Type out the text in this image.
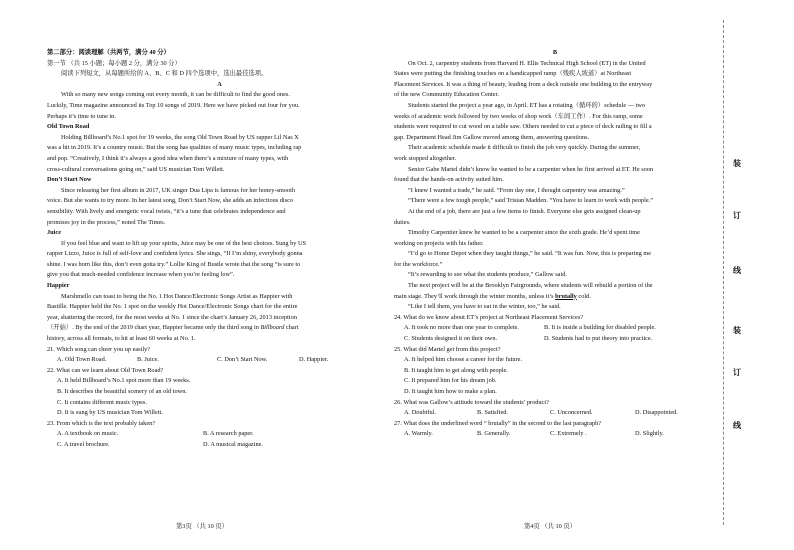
第二部分：阅读理解（共两节，满分 40 分）
第一节 （共 15 小题；每小题 2 分，满分 30 分）
阅读下列短文，从每题所给的 A、B、C 和 D 四个选项中，选出最佳选项。
A
With so many new songs coming out every month, it can be difficult to find the good ones.
Luckily, Time magazine announced its Top 10 songs of 2019. Here we have picked out four for you.
Perhaps it’s time to tune in.
Old Town Road
Holding Billboard’s No.1 spot for 19 weeks, the song Old Town Road by US rapper Lil Nas X
was a hit in 2019. It’s a country music. But the song has qualities of many music types, including rap
and pop. “Creatively, I think it’s always a good idea when there’s a mixture of many types, with
cross-cultural conversations going on,” said US musician Tom Willett.
Don’t Start Now
Since releasing her first album in 2017, UK singer Dua Lipa is famous for her honey-smooth
voice. But she wants to try more. In her latest song, Don’t Start Now, she adds an infectious disco
sensibility. With lively and energetic vocal twists, “it’s a tune that celebrates independence and
promises joy in the process,” noted The Times.
Juice
If you feel blue and want to lift up your spirits, Juice may be one of the best choices. Sung by US
rapper Lizzo, Juice is full of self-love and confident lyrics. She sings, “If I’m shiny, everybody gonna
shine. I was born like this, don’t even gotta try.” Lollie King of Bustle wrote that the song “is sure to
give you that much-needed confidence increase when you’re feeling low”.
Happier
Marshmello can toast to being the No. 1 Hot Dance/Electronic Songs Artist as Happier with
Bastille. Happier held the No. 1 spot on the weekly Hot Dance/Electronic Songs chart for the entire
year, shattering the record, for the most weeks at No. 1 since the chart’s January 26, 2013 inception
（开始）. By the end of the 2019 chart year, Happier became only the third song in Billboard chart
history, across all formats, to hit at least 60 weeks at No. 1.
21. Which song can cheer you up easily?
A. Old Town Road.	B. Juice.	C. Don’t Start Now.	D. Happier.
22. What can we learn about Old Town Road?
A. It held Billboard’s No.1 spot more than 19 weeks.
B. It describes the beautiful scenery of an old town.
C. It contains different music types.
D. It is sung by US musician Tom Willett.
23. From which is the text probably taken?
A. A textbook on music.	B. A research paper.
C. A travel brochure.	D. A musical magazine.
B
On Oct. 2, carpentry students from Harvard H. Ellis Technical High School (ET) in the United
States were putting the finishing touches on a handicapped ramp（残疾人坡道）at Northeast
Placement Services. It was a thing of beauty, leading from a deck outside one building to the entryway
of the new Community Education Center.
Students started the project a year ago, in April. ET has a rotating（循环的）schedule — two
weeks of academic work followed by two weeks of shop work（车间工作）. For this ramp, some
students were required to cut wood on a table saw. Others needed to cut a piece of deck railing to fill a
gap. Department Head Jim Gallow moved among them, answering questions.
Their academic schedule made it difficult to finish the job very quickly. During the summer,
work stopped altogether.
Senior Gabe Martel didn’t know he wanted to be a carpenter when he first arrived at ET. He soon
found that the hands-on activity suited him.
“I knew I wanted a trade,” he said. “From day one, I thought carpentry was amazing.”
“There were a few tough people,” said Tristan Madden. “You have to learn to work with people.”
At the end of a job, there are just a few items to finish. Everyone else gets assigned clean-up
duties.
Timothy Carpentier knew he wanted to be a carpenter since the sixth grade. He’d spent time
working on projects with his father.
“I’d go to Home Depot when they taught things,” he said. “It was fun. Now, this is preparing me
for the workforce.”
“It’s rewarding to see what the students produce,” Gallow said.
The next project will be at the Brooklyn Fairgrounds, where students will rebuild a portion of the
main stage. They’ll work through the winter months, unless it’s brutally cold.
“Like I tell them, you have to eat in the winter, too,” he said.
24. What do we know about ET’s project at Northeast Placement Services?
A. It took no more than one year to complete.	B. It is inside a building for disabled people.
C. Students designed it on their own.	D. Students had to put theory into practice.
25. What did Martel get from this project?
A. It helped him choose a career for the future.
B. It taught him to get along with people.
C. It prepared him for his dream job.
D. It taught him how to make a plan.
26. What was Gallow’s attitude toward the students’ product?
A. Doubtful.	B. Satisfied.	C. Unconcerned.	D. Disappointed.
27. What does the underlined word “ brutally” in the second to the last paragraph?
A. Warmly.	B. Generally.	C. Extremely .	D. Slightly.
第3页 （共 10 页）	第4页 （共 10 页）
装
订
线
装
订
线
